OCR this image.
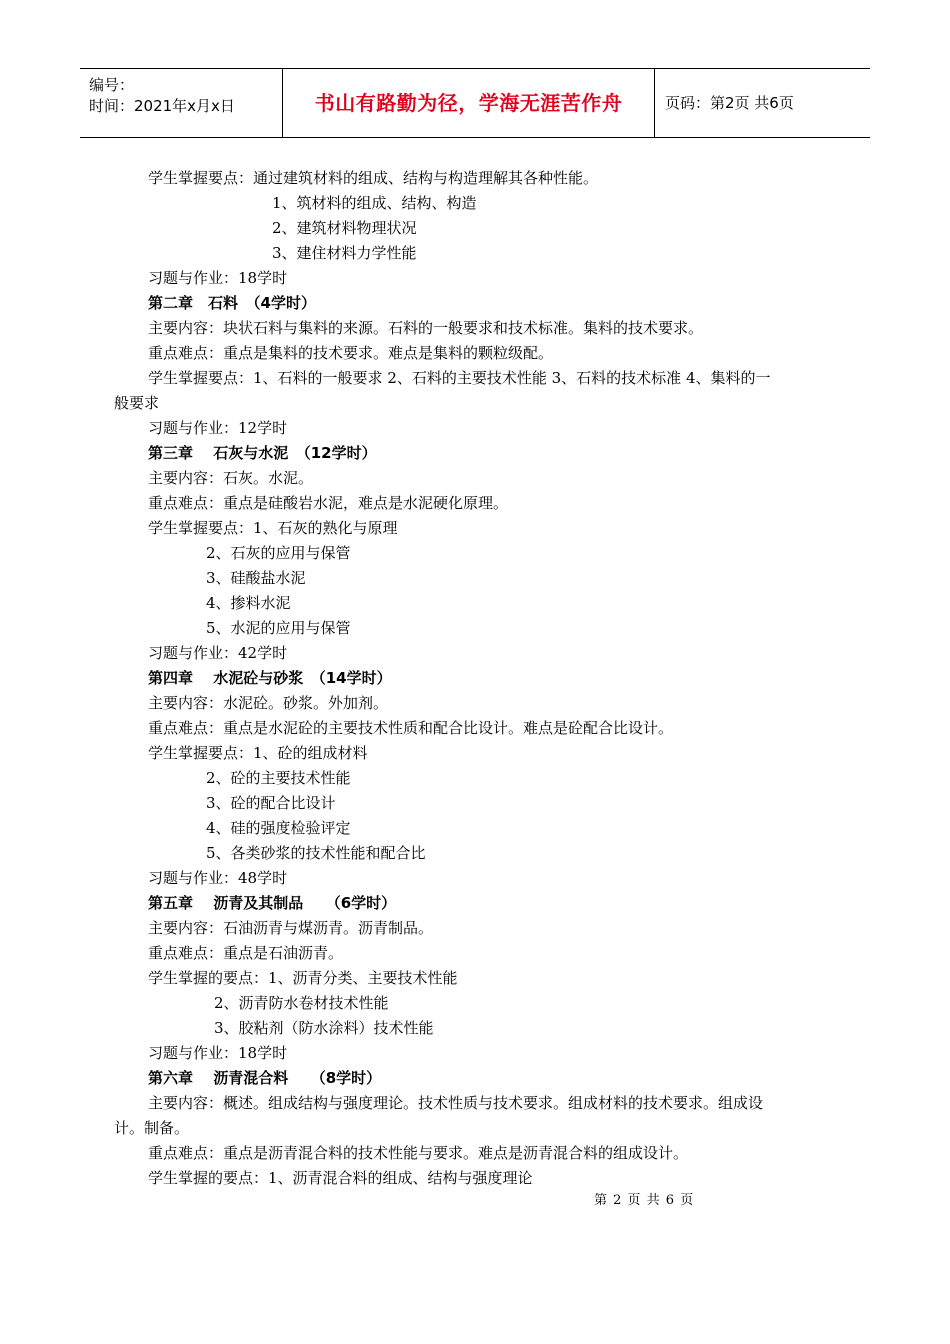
编号：
时间：2021年x月x日	书山有路勤为径，学海无涯苦作舟	页码：第2页 共6页
学生掌握要点：通过建筑材料的组成、结构与构造理解其各种性能。
1、筑材料的组成、结构、构造
2、建筑材料物理状况
3、建住材料力学性能
习题与作业：18学时
第二章　石料　（4学时）
主要内容：块状石料与集料的来源。石料的一般要求和技术标准。集料的技术要求。
重点难点：重点是集料的技术要求。难点是集料的颗粒级配。
学生掌握要点：1、石料的一般要求 2、石料的主要技术性能 3、石料的技术标准 4、集料的一
般要求
习题与作业：12学时
第三章　 石灰与水泥　（12学时）
主要内容：石灰。水泥。
重点难点：重点是硅酸岩水泥，难点是水泥硬化原理。
学生掌握要点：1、石灰的熟化与原理
2、石灰的应用与保管
3、硅酸盐水泥
4、掺料水泥
5、水泥的应用与保管
习题与作业：42学时
第四章　 水泥砼与砂浆　（14学时）
主要内容：水泥砼。砂浆。外加剂。
重点难点：重点是水泥砼的主要技术性质和配合比设计。难点是砼配合比设计。
学生掌握要点：1、砼的组成材料
2、砼的主要技术性能
3、砼的配合比设计
4、硅的强度检验评定
5、各类砂浆的技术性能和配合比
习题与作业：48学时
第五章　 沥青及其制品　　（6学时）
主要内容：石油沥青与煤沥青。沥青制品。
重点难点：重点是石油沥青。
学生掌握的要点：1、沥青分类、主要技术性能
2、沥青防水卷材技术性能
3、胶粘剂（防水涂料）技术性能
习题与作业：18学时
第六章　 沥青混合料　　（8学时）
主要内容：概述。组成结构与强度理论。技术性质与技术要求。组成材料的技术要求。组成设
计。制备。
重点难点：重点是沥青混合料的技术性能与要求。难点是沥青混合料的组成设计。
学生掌握的要点：1、沥青混合料的组成、结构与强度理论
第 2 页 共 6 页
